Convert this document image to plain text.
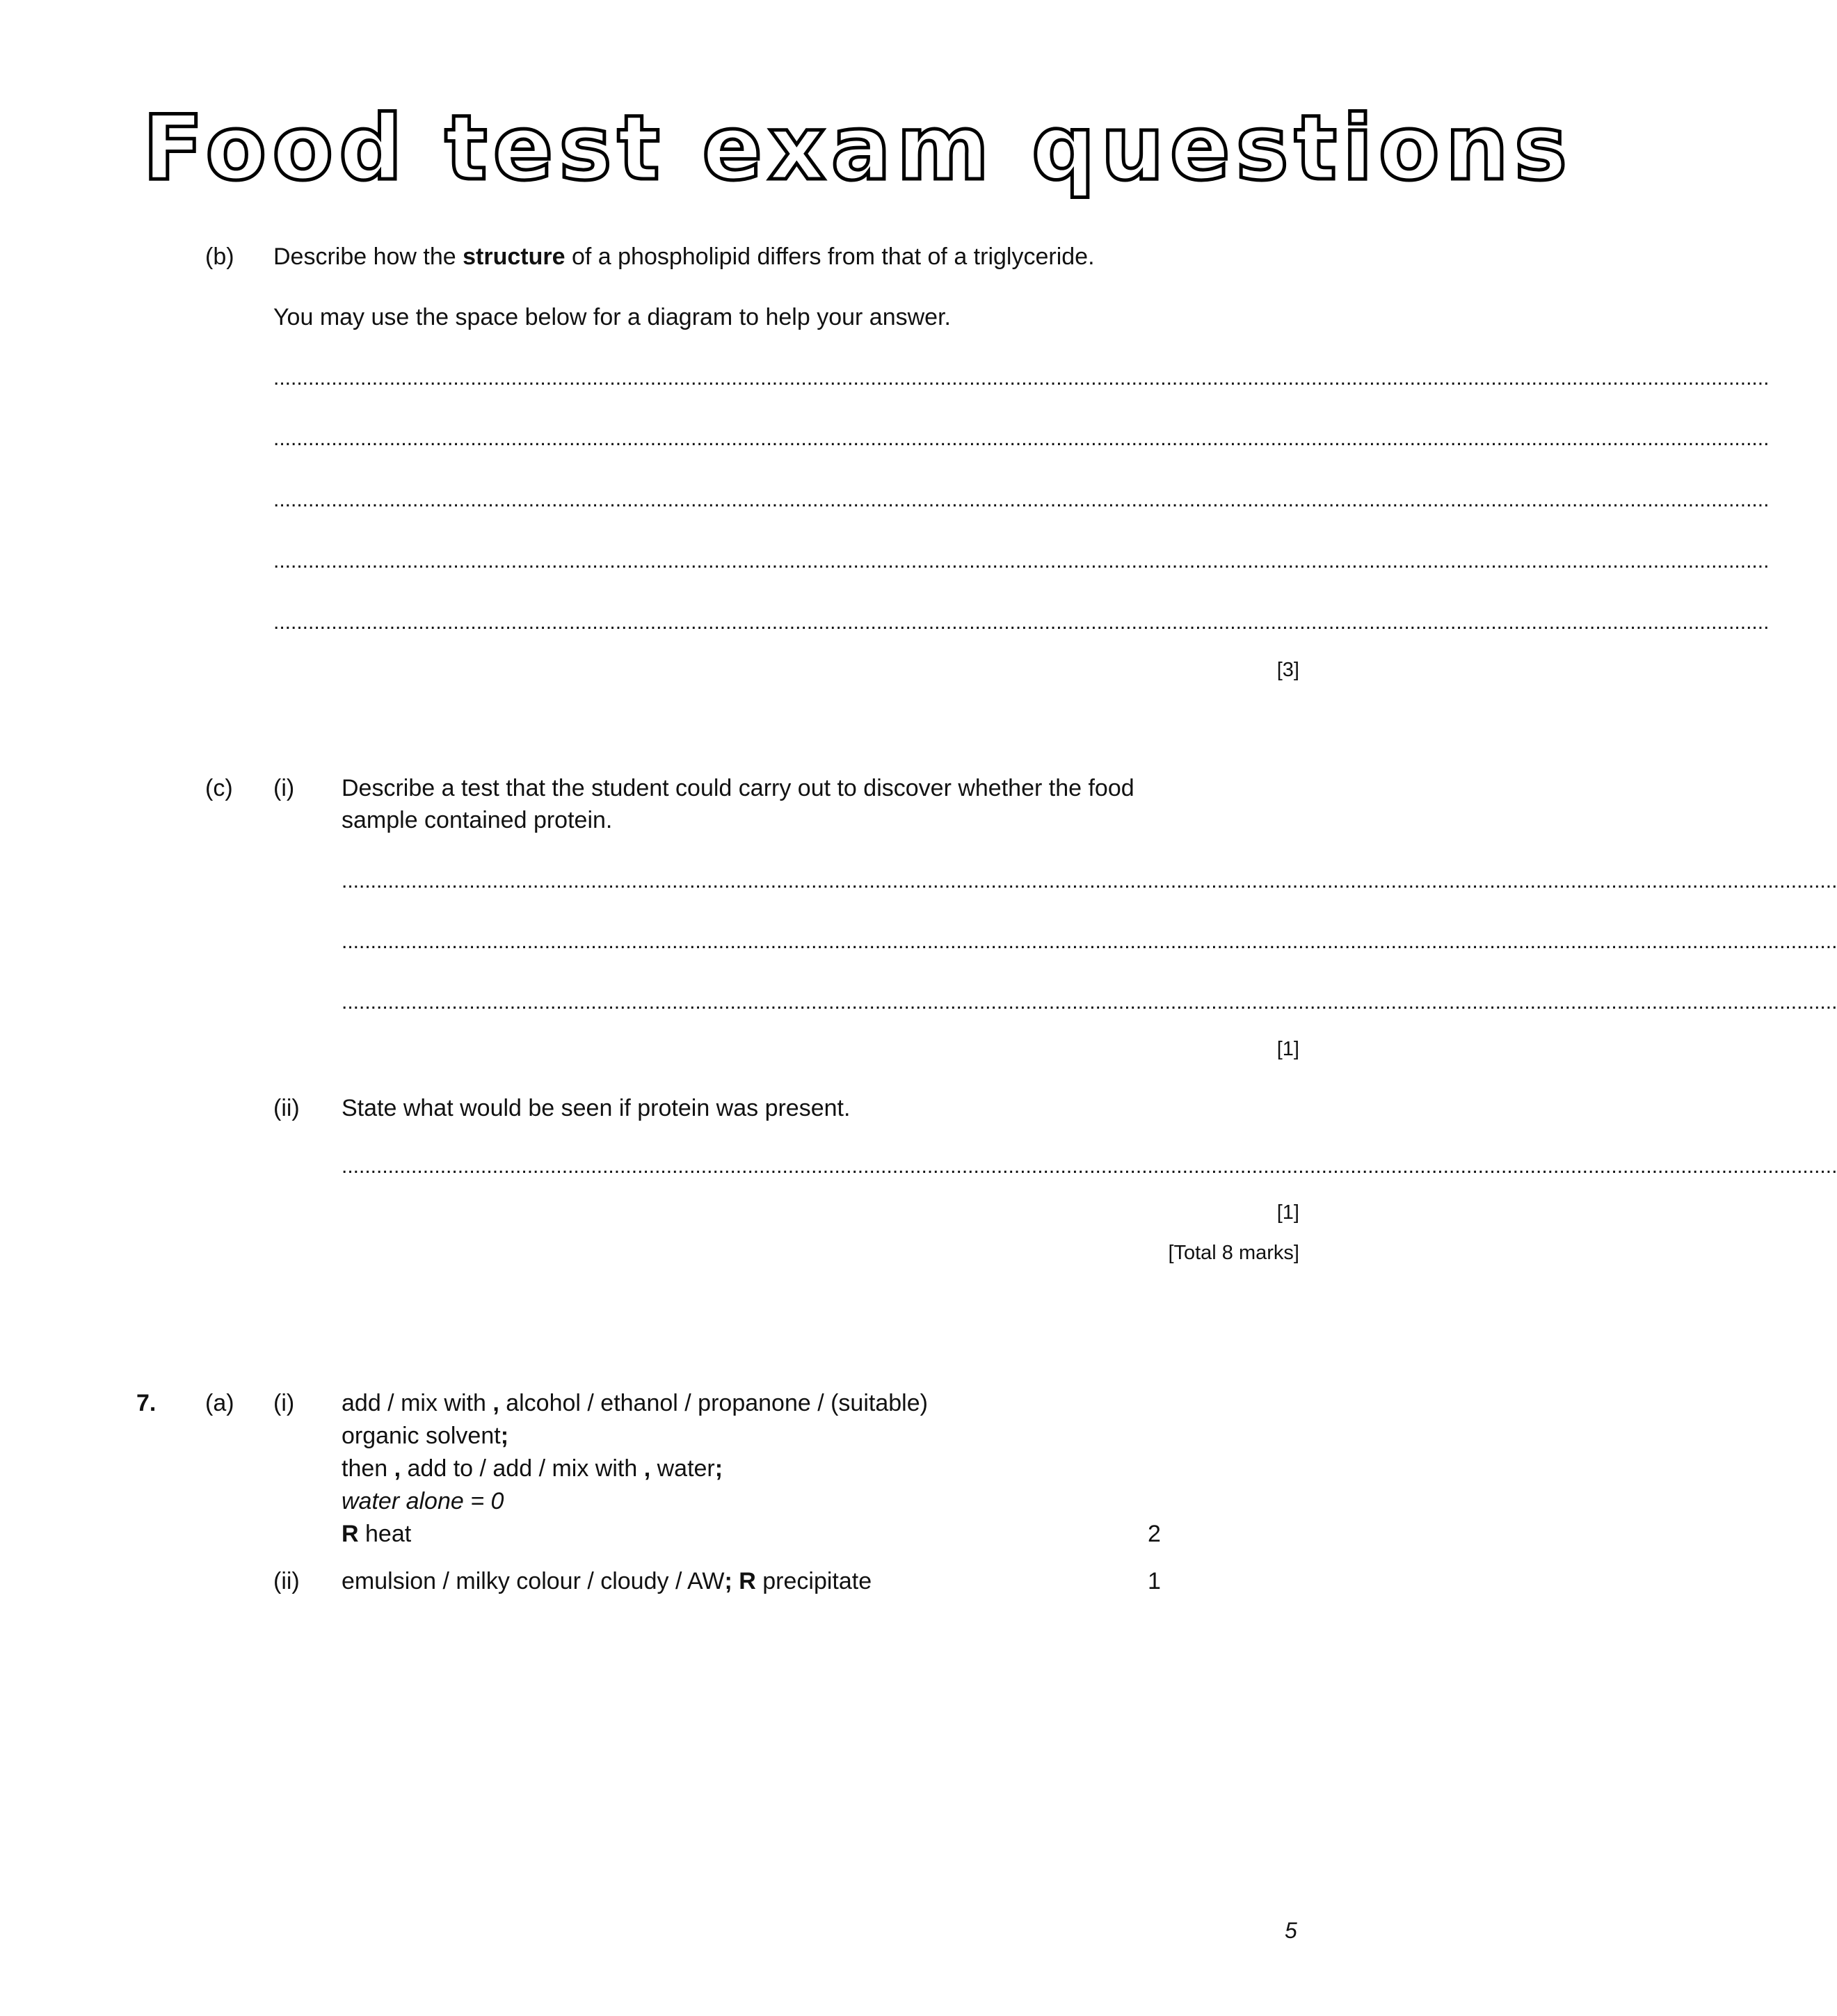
Food test exam questions
(b) Describe how the structure of a phospholipid differs from that of a triglyceride.
You may use the space below for a diagram to help your answer.
.....
.....
.....
.....
.....
[3]
(c) (i) Describe a test that the student could carry out to discover whether the food
sample contained protein.
.....
.....
.....
[1]
(ii) State what would be seen if protein was present.
.....
[1]
[Total 8 marks]
7. (a) (i) add / mix with , alcohol / ethanol / propanone / (suitable)
organic solvent;
then , add to / add / mix with , water;
water alone = 0
R heat	2
(ii) emulsion / milky colour / cloudy / AW; R precipitate	1
5
